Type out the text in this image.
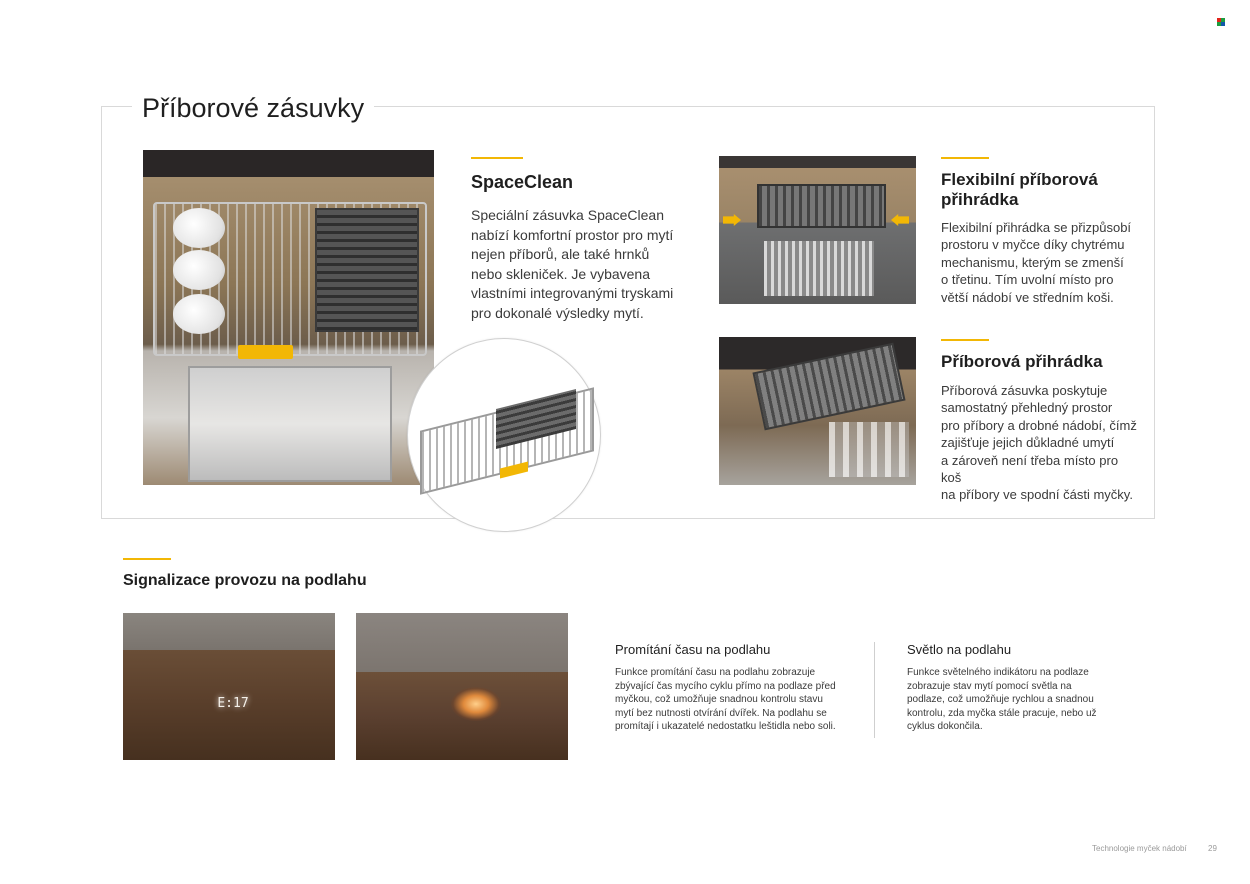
Příborové zásuvky
SpaceClean
Speciální zásuvka SpaceClean
nabízí komfortní prostor pro mytí
nejen příborů, ale také hrnků
nebo skleniček. Je vybavena
vlastními integrovanými tryskami
pro dokonalé výsledky mytí.
Flexibilní příborová
přihrádka
Flexibilní přihrádka se přizpůsobí
prostoru v myčce díky chytrému
mechanismu, kterým se zmenší
o třetinu. Tím uvolní místo pro
větší nádobí ve středním koši.
Příborová přihrádka
Příborová zásuvka poskytuje
samostatný přehledný prostor
pro příbory a drobné nádobí, čímž
zajišťuje jejich důkladné umytí
a zároveň není třeba místo pro koš
na příbory ve spodní části myčky.
Signalizace provozu na podlahu
E:17
Promítání času na podlahu
Funkce promítání času na podlahu zobrazuje
zbývající čas mycího cyklu přímo na podlaze před
myčkou, což umožňuje snadnou kontrolu stavu
mytí bez nutnosti otvírání dvířek. Na podlahu se
promítají i ukazatelé nedostatku leštidla nebo soli.
Světlo na podlahu
Funkce světelného indikátoru na podlaze
zobrazuje stav mytí pomocí světla na
podlaze, což umožňuje rychlou a snadnou
kontrolu, zda myčka stále pracuje, nebo už
cyklus dokončila.
Technologie myček nádobí	29
